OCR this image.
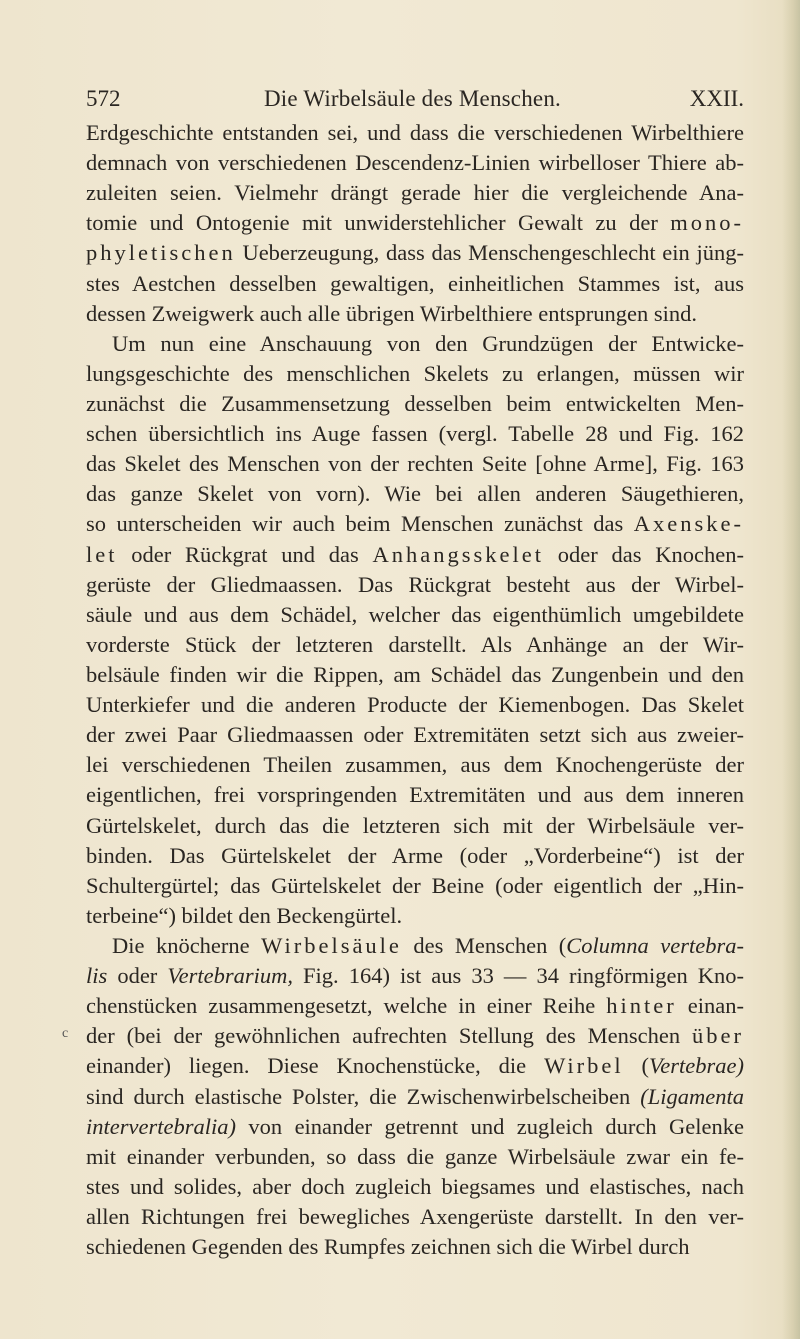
572	Die Wirbelsäule des Menschen.	XXII.
c
Erdgeschichte entstanden sei, und dass die verschiedenen Wirbelthiere
demnach von verschiedenen Descendenz-Linien wirbelloser Thiere ab-
zuleiten seien. Vielmehr drängt gerade hier die vergleichende Ana-
tomie und Ontogenie mit unwiderstehlicher Gewalt zu der mono-
phyletischen Ueberzeugung, dass das Menschengeschlecht ein jüng-
stes Aestchen desselben gewaltigen, einheitlichen Stammes ist, aus
dessen Zweigwerk auch alle übrigen Wirbelthiere entsprungen sind.
Um nun eine Anschauung von den Grundzügen der Entwicke-
lungsgeschichte des menschlichen Skelets zu erlangen, müssen wir
zunächst die Zusammensetzung desselben beim entwickelten Men-
schen übersichtlich ins Auge fassen (vergl. Tabelle 28 und Fig. 162
das Skelet des Menschen von der rechten Seite [ohne Arme], Fig. 163
das ganze Skelet von vorn). Wie bei allen anderen Säugethieren,
so unterscheiden wir auch beim Menschen zunächst das Axenske-
let oder Rückgrat und das Anhangsskelet oder das Knochen-
gerüste der Gliedmaassen. Das Rückgrat besteht aus der Wirbel-
säule und aus dem Schädel, welcher das eigenthümlich umgebildete
vorderste Stück der letzteren darstellt. Als Anhänge an der Wir-
belsäule finden wir die Rippen, am Schädel das Zungenbein und den
Unterkiefer und die anderen Producte der Kiemenbogen. Das Skelet
der zwei Paar Gliedmaassen oder Extremitäten setzt sich aus zweier-
lei verschiedenen Theilen zusammen, aus dem Knochengerüste der
eigentlichen, frei vorspringenden Extremitäten und aus dem inneren
Gürtelskelet, durch das die letzteren sich mit der Wirbelsäule ver-
binden. Das Gürtelskelet der Arme (oder „Vorderbeine“) ist der
Schultergürtel; das Gürtelskelet der Beine (oder eigentlich der „Hin-
terbeine“) bildet den Beckengürtel.
Die knöcherne Wirbelsäule des Menschen (Columna vertebra-
lis oder Vertebrarium, Fig. 164) ist aus 33 — 34 ringförmigen Kno-
chenstücken zusammengesetzt, welche in einer Reihe hinter einan-
der (bei der gewöhnlichen aufrechten Stellung des Menschen über
einander) liegen. Diese Knochenstücke, die Wirbel (Vertebrae)
sind durch elastische Polster, die Zwischenwirbelscheiben (Ligamenta
intervertebralia) von einander getrennt und zugleich durch Gelenke
mit einander verbunden, so dass die ganze Wirbelsäule zwar ein fe-
stes und solides, aber doch zugleich biegsames und elastisches, nach
allen Richtungen frei bewegliches Axengerüste darstellt. In den ver-
schiedenen Gegenden des Rumpfes zeichnen sich die Wirbel durch
